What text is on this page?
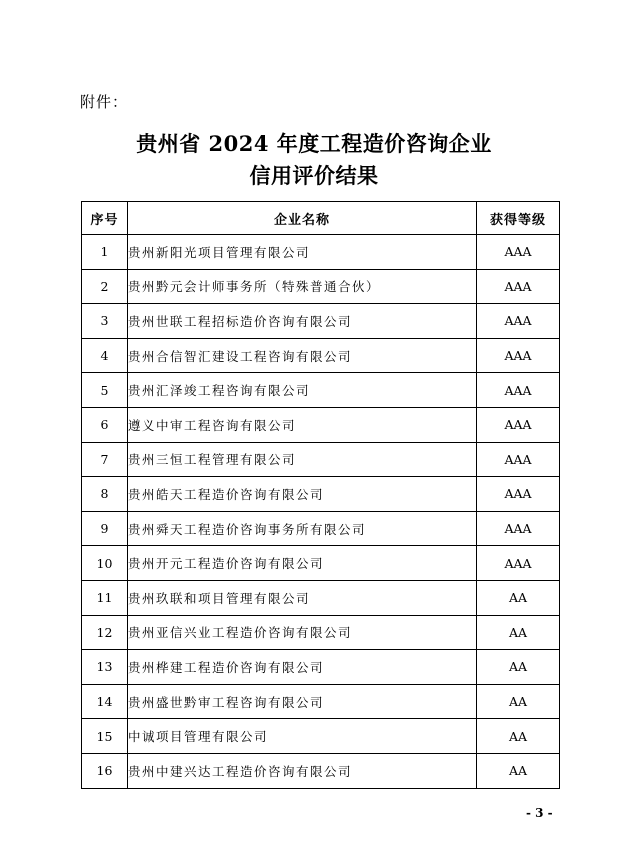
附件：
贵州省 2024 年度工程造价咨询企业
信用评价结果
序号	企业名称	获得等级
1	贵州新阳光项目管理有限公司	AAA
2	贵州黔元会计师事务所（特殊普通合伙）	AAA
3	贵州世联工程招标造价咨询有限公司	AAA
4	贵州合信智汇建设工程咨询有限公司	AAA
5	贵州汇泽竣工程咨询有限公司	AAA
6	遵义中审工程咨询有限公司	AAA
7	贵州三恒工程管理有限公司	AAA
8	贵州皓天工程造价咨询有限公司	AAA
9	贵州舜天工程造价咨询事务所有限公司	AAA
10	贵州开元工程造价咨询有限公司	AAA
11	贵州玖联和项目管理有限公司	AA
12	贵州亚信兴业工程造价咨询有限公司	AA
13	贵州桦建工程造价咨询有限公司	AA
14	贵州盛世黔审工程咨询有限公司	AA
15	中诚项目管理有限公司	AA
16	贵州中建兴达工程造价咨询有限公司	AA
- 3 -
